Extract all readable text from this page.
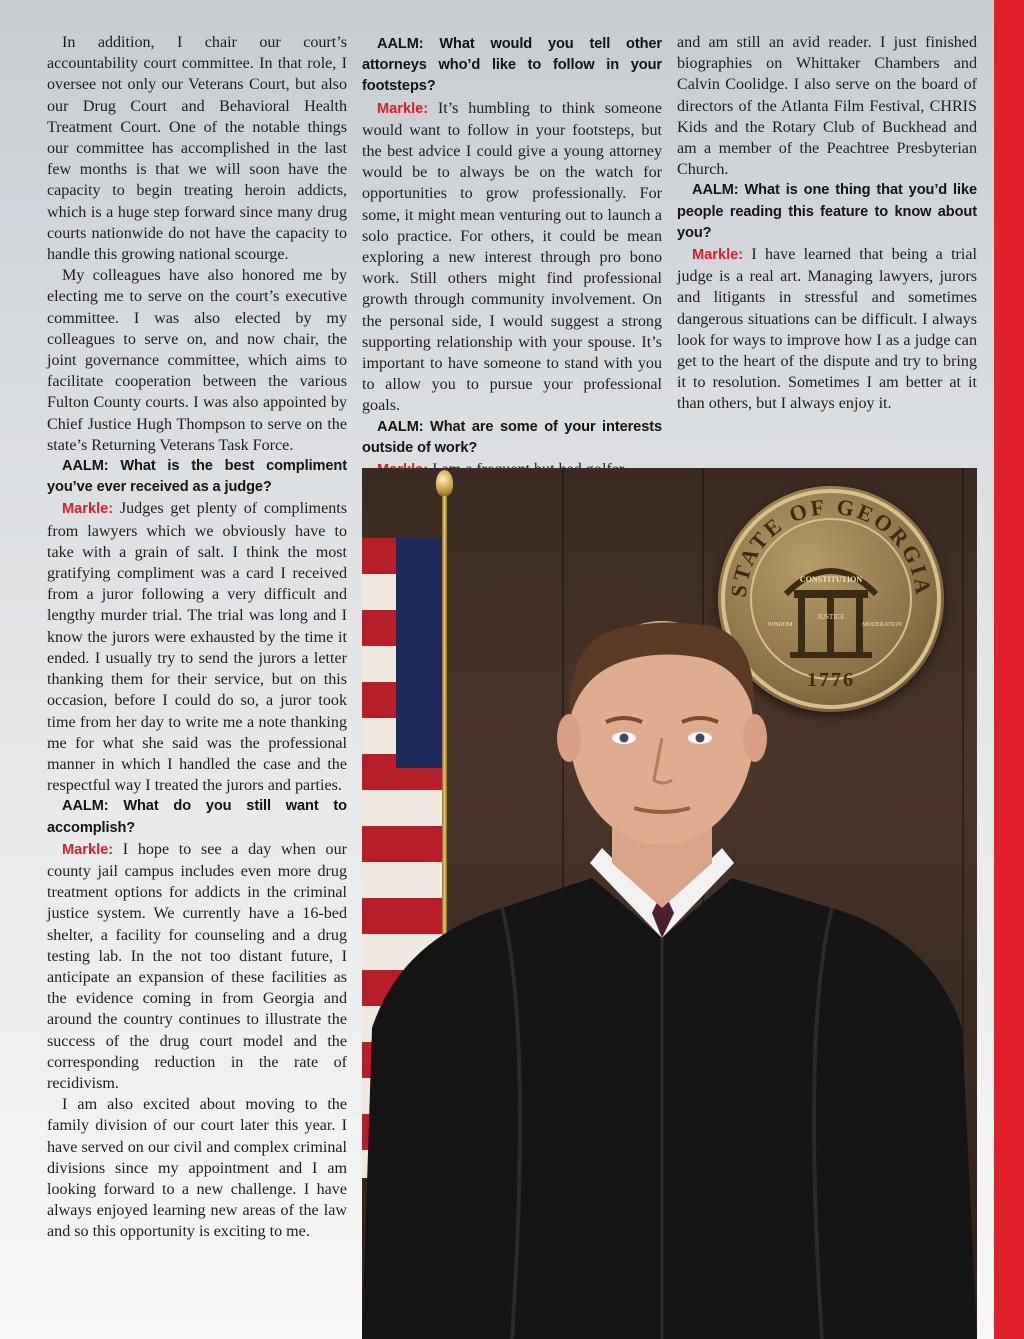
In addition, I chair our court’s accountability court committee. In that role, I oversee not only our Veterans Court, but also our Drug Court and Behavioral Health Treatment Court. One of the notable things our committee has accomplished in the last few months is that we will soon have the capacity to begin treating heroin addicts, which is a huge step forward since many drug courts nationwide do not have the capacity to handle this growing national scourge.

My colleagues have also honored me by electing me to serve on the court’s executive committee. I was also elected by my colleagues to serve on, and now chair, the joint governance committee, which aims to facilitate cooperation between the various Fulton County courts. I was also appointed by Chief Justice Hugh Thompson to serve on the state’s Returning Veterans Task Force.

AALM: What is the best compliment you’ve ever received as a judge?

Markle: Judges get plenty of compliments from lawyers which we obviously have to take with a grain of salt. I think the most gratifying compliment was a card I received from a juror following a very difficult and lengthy murder trial. The trial was long and I know the jurors were exhausted by the time it ended. I usually try to send the jurors a letter thanking them for their service, but on this occasion, before I could do so, a juror took time from her day to write me a note thanking me for what she said was the professional manner in which I handled the case and the respectful way I treated the jurors and parties.

AALM: What do you still want to accomplish?

Markle: I hope to see a day when our county jail campus includes even more drug treatment options for addicts in the criminal justice system. We currently have a 16-bed shelter, a facility for counseling and a drug testing lab. In the not too distant future, I anticipate an expansion of these facilities as the evidence coming in from Georgia and around the country continues to illustrate the success of the drug court model and the corresponding reduction in the rate of recidivism.

I am also excited about moving to the family division of our court later this year. I have served on our civil and complex criminal divisions since my appointment and I am looking forward to a new challenge. I have always enjoyed learning new areas of the law and so this opportunity is exciting to me.

AALM: What would you tell other attorneys who’d like to follow in your footsteps?

Markle: It’s humbling to think someone would want to follow in your footsteps, but the best advice I could give a young attorney would be to always be on the watch for opportunities to grow professionally. For some, it might mean venturing out to launch a solo practice. For others, it could be mean exploring a new interest through pro bono work. Still others might find professional growth through community involvement. On the personal side, I would suggest a strong supporting relationship with your spouse. It’s important to have someone to stand with you to allow you to pursue your professional goals.

AALM: What are some of your interests outside of work?

and am still an avid reader. I just finished biographies on Whittaker Chambers and Calvin Coolidge. I also serve on the board of directors of the Atlanta Film Festival, CHRIS Kids and the Rotary Club of Buckhead and am a member of the Peachtree Presbyterian Church.

AALM: What is one thing that you’d like people reading this feature to know about you?

Markle: I have learned that being a trial judge is a real art. Managing lawyers, jurors and litigants in stressful and sometimes dangerous situations can be difficult. I always look for ways to improve how I as a judge can get to the heart of the dispute and try to bring it to resolution. Sometimes I am better at it than others, but I always enjoy it.

STATE OF GEORGIA
CONSTITUTION
JUSTICE
WISDOM	MODERATION
1776
